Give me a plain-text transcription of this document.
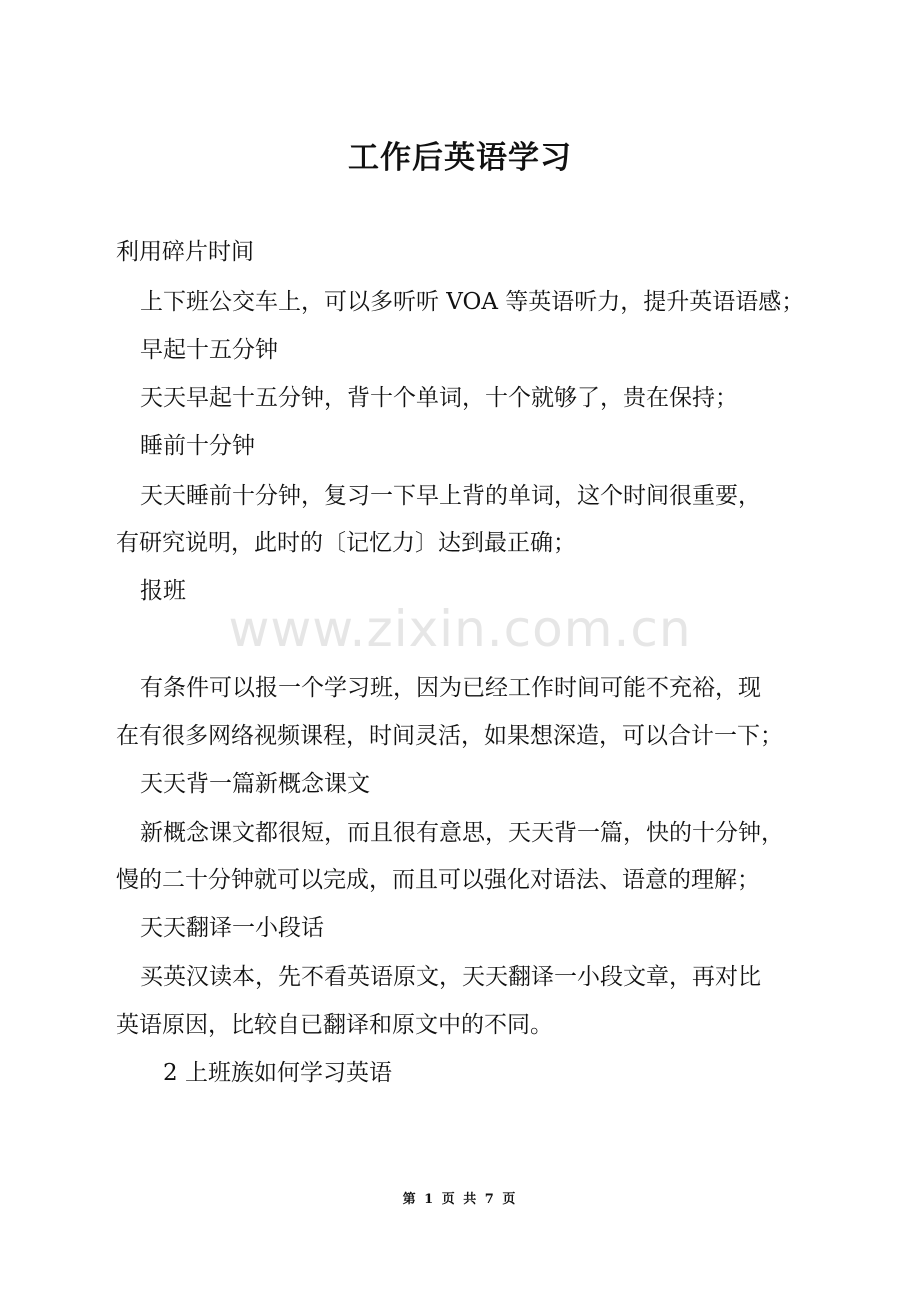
工作后英语学习
利用碎片时间
上下班公交车上，可以多听听 VOA 等英语听力，提升英语语感；
早起十五分钟
天天早起十五分钟，背十个单词，十个就够了，贵在保持；
睡前十分钟
天天睡前十分钟，复习一下早上背的单词，这个时间很重要，
有研究说明，此时的〔记忆力〕达到最正确；
报班
www.zixin.com.cn
有条件可以报一个学习班，因为已经工作时间可能不充裕，现
在有很多网络视频课程，时间灵活，如果想深造，可以合计一下；
天天背一篇新概念课文
新概念课文都很短，而且很有意思，天天背一篇，快的十分钟，
慢的二十分钟就可以完成，而且可以强化对语法、语意的理解；
天天翻译一小段话
买英汉读本，先不看英语原文，天天翻译一小段文章，再对比
英语原因，比较自已翻译和原文中的不同。
2 上班族如何学习英语
第 1 页 共 7 页
